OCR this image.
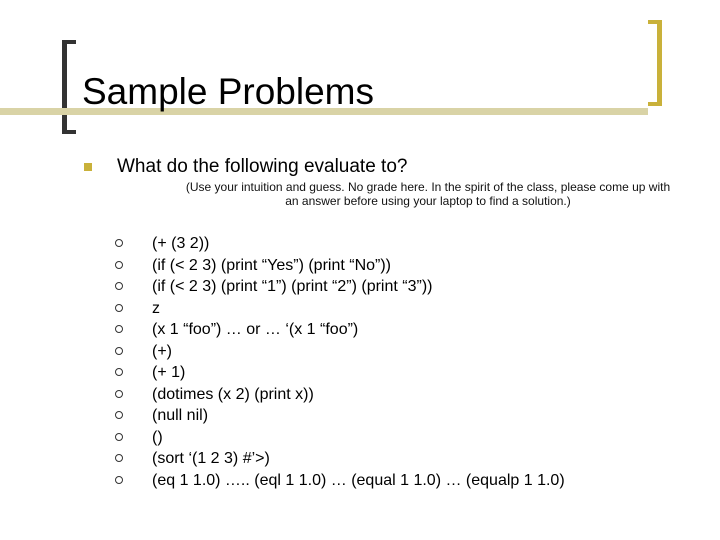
Sample Problems
What do the following evaluate to?
(Use your intuition and guess. No grade here. In the spirit of the class, please come up with an answer before using your laptop to find a solution.)
(+ (3 2))
(if (< 2 3) (print “Yes”) (print “No”))
(if (< 2 3) (print “1”) (print “2”) (print “3”))
z
(x 1 “foo”) … or … ‘(x 1 “foo”)
(+)
(+ 1)
(dotimes (x 2) (print x))
(null nil)
()
(sort ‘(1 2 3) #’>)
(eq 1 1.0) ….. (eql 1 1.0) … (equal 1 1.0) … (equalp 1 1.0)
